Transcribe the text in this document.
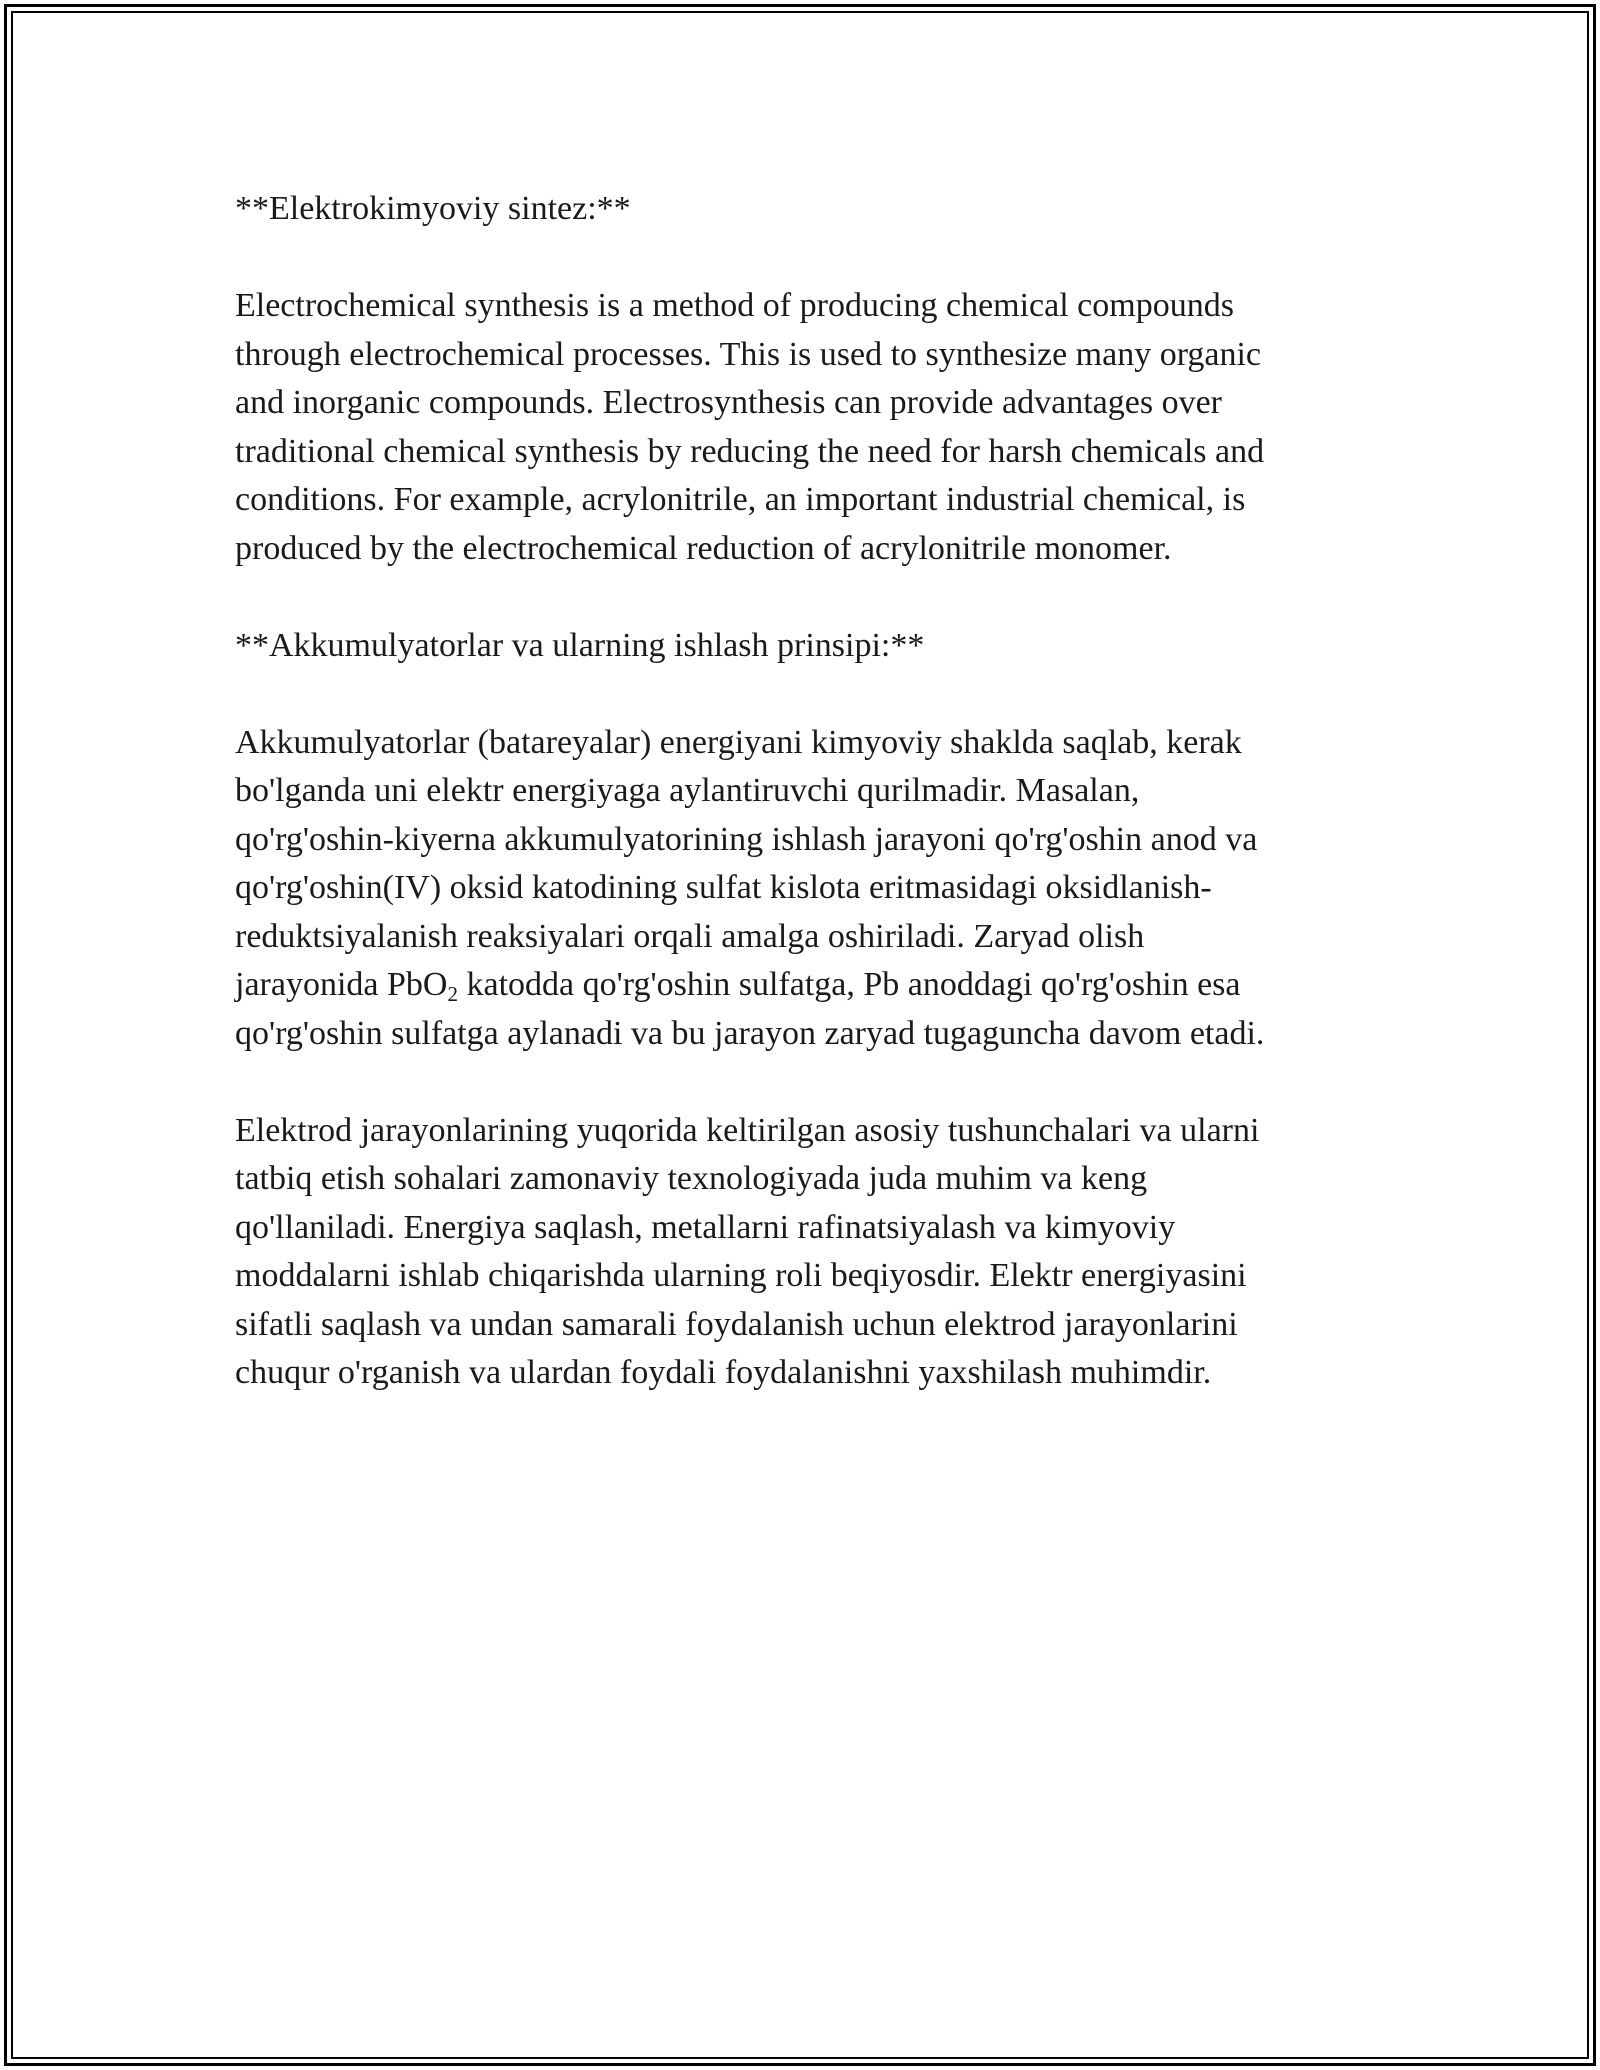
**Elektrokimyoviy sintez:**

Electrochemical synthesis is a method of producing chemical compounds
through electrochemical processes. This is used to synthesize many organic
and inorganic compounds. Electrosynthesis can provide advantages over
traditional chemical synthesis by reducing the need for harsh chemicals and
conditions. For example, acrylonitrile, an important industrial chemical, is
produced by the electrochemical reduction of acrylonitrile monomer.

**Akkumulyatorlar va ularning ishlash prinsipi:**

Akkumulyatorlar (batareyalar) energiyani kimyoviy shaklda saqlab, kerak
bo'lganda uni elektr energiyaga aylantiruvchi qurilmadir. Masalan,
qo'rg'oshin-kiyerna akkumulyatorining ishlash jarayoni qo'rg'oshin anod va
qo'rg'oshin(IV) oksid katodining sulfat kislota eritmasidagi oksidlanish-
reduktsiyalanish reaksiyalari orqali amalga oshiriladi. Zaryad olish
jarayonida PbO$_2$ katodda qo'rg'oshin sulfatga, Pb anoddagi qo'rg'oshin esa
qo'rg'oshin sulfatga aylanadi va bu jarayon zaryad tugaguncha davom etadi.

Elektrod jarayonlarining yuqorida keltirilgan asosiy tushunchalari va ularni
tatbiq etish sohalari zamonaviy texnologiyada juda muhim va keng
qo'llaniladi. Energiya saqlash, metallarni rafinatsiyalash va kimyoviy
moddalarni ishlab chiqarishda ularning roli beqiyosdir. Elektr energiyasini
sifatli saqlash va undan samarali foydalanish uchun elektrod jarayonlarini
chuqur o'rganish va ulardan foydali foydalanishni yaxshilash muhimdir.
